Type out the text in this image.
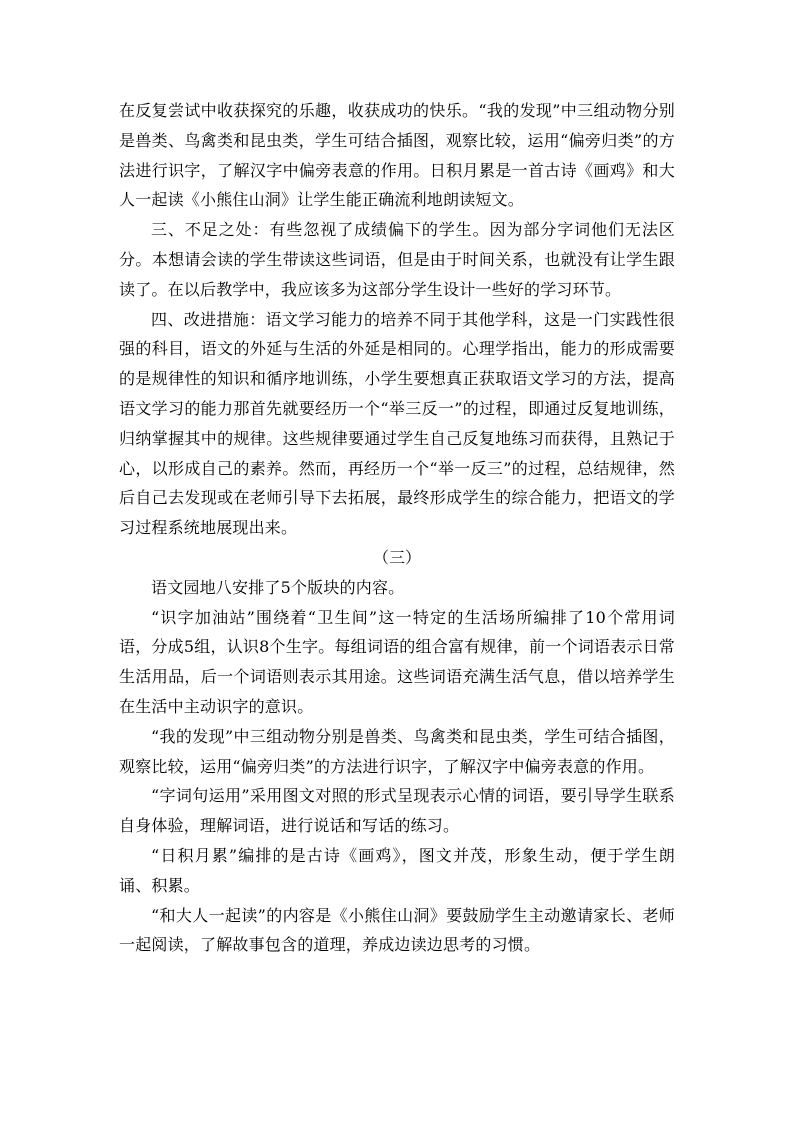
在反复尝试中收获探究的乐趣，收获成功的快乐。“我的发现”中三组动物分别是兽类、鸟禽类和昆虫类，学生可结合插图，观察比较，运用“偏旁归类”的方法进行识字，了解汉字中偏旁表意的作用。日积月累是一首古诗《画鸡》和大人一起读《小熊住山洞》让学生能正确流利地朗读短文。

三、不足之处：有些忽视了成绩偏下的学生。因为部分字词他们无法区分。本想请会读的学生带读这些词语，但是由于时间关系，也就没有让学生跟读了。在以后教学中，我应该多为这部分学生设计一些好的学习环节。

四、改进措施：语文学习能力的培养不同于其他学科，这是一门实践性很强的科目，语文的外延与生活的外延是相同的。心理学指出，能力的形成需要的是规律性的知识和循序地训练，小学生要想真正获取语文学习的方法，提高语文学习的能力那首先就要经历一个“举三反一”的过程，即通过反复地训练，归纳掌握其中的规律。这些规律要通过学生自己反复地练习而获得，且熟记于心，以形成自己的素养。然而，再经历一个“举一反三”的过程，总结规律，然后自己去发现或在老师引导下去拓展，最终形成学生的综合能力，把语文的学习过程系统地展现出来。

（三）

语文园地八安排了5个版块的内容。

“识字加油站”围绕着“卫生间”这一特定的生活场所编排了10个常用词语，分成5组，认识8个生字。每组词语的组合富有规律，前一个词语表示日常生活用品，后一个词语则表示其用途。这些词语充满生活气息，借以培养学生在生活中主动识字的意识。

“我的发现”中三组动物分别是兽类、鸟禽类和昆虫类，学生可结合插图，观察比较，运用“偏旁归类”的方法进行识字，了解汉字中偏旁表意的作用。

“字词句运用”采用图文对照的形式呈现表示心情的词语，要引导学生联系自身体验，理解词语，进行说话和写话的练习。

“日积月累”编排的是古诗《画鸡》，图文并茂，形象生动，便于学生朗诵、积累。

“和大人一起读”的内容是《小熊住山洞》要鼓励学生主动邀请家长、老师一起阅读，了解故事包含的道理，养成边读边思考的习惯。
